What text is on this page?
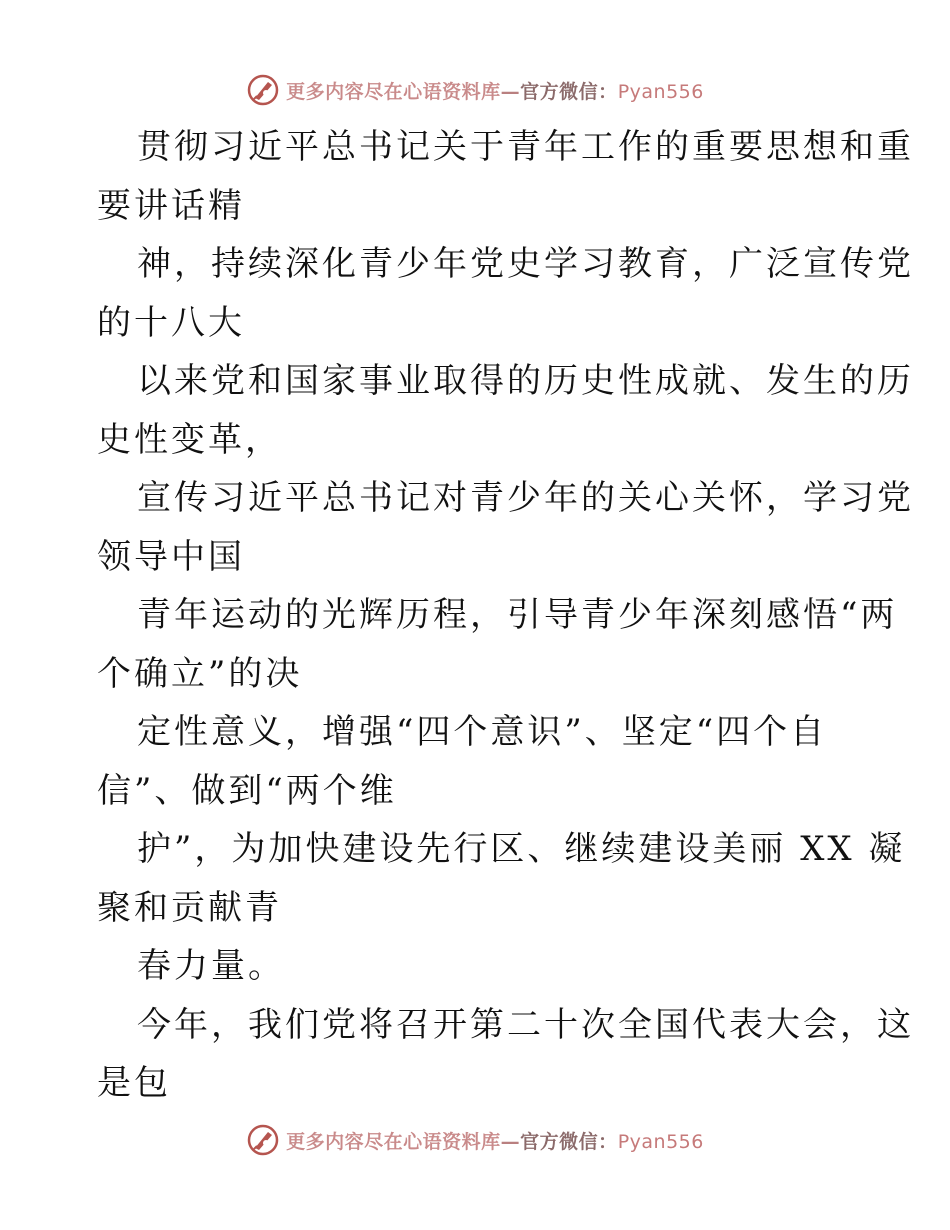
更多内容尽在心语资料库—官方微信：Pyan556
贯彻习近平总书记关于青年工作的重要思想和重
要讲话精
神，持续深化青少年党史学习教育，广泛宣传党
的十八大
以来党和国家事业取得的历史性成就、发生的历
史性变革，
宣传习近平总书记对青少年的关心关怀，学习党
领导中国
青年运动的光辉历程，引导青少年深刻感悟“两
个确立”的决
定性意义，增强“四个意识”、坚定“四个自
信”、做到“两个维
护”，为加快建设先行区、继续建设美丽 XX 凝
聚和贡献青
春力量。
今年，我们党将召开第二十次全国代表大会，这
是包
更多内容尽在心语资料库—官方微信：Pyan556
